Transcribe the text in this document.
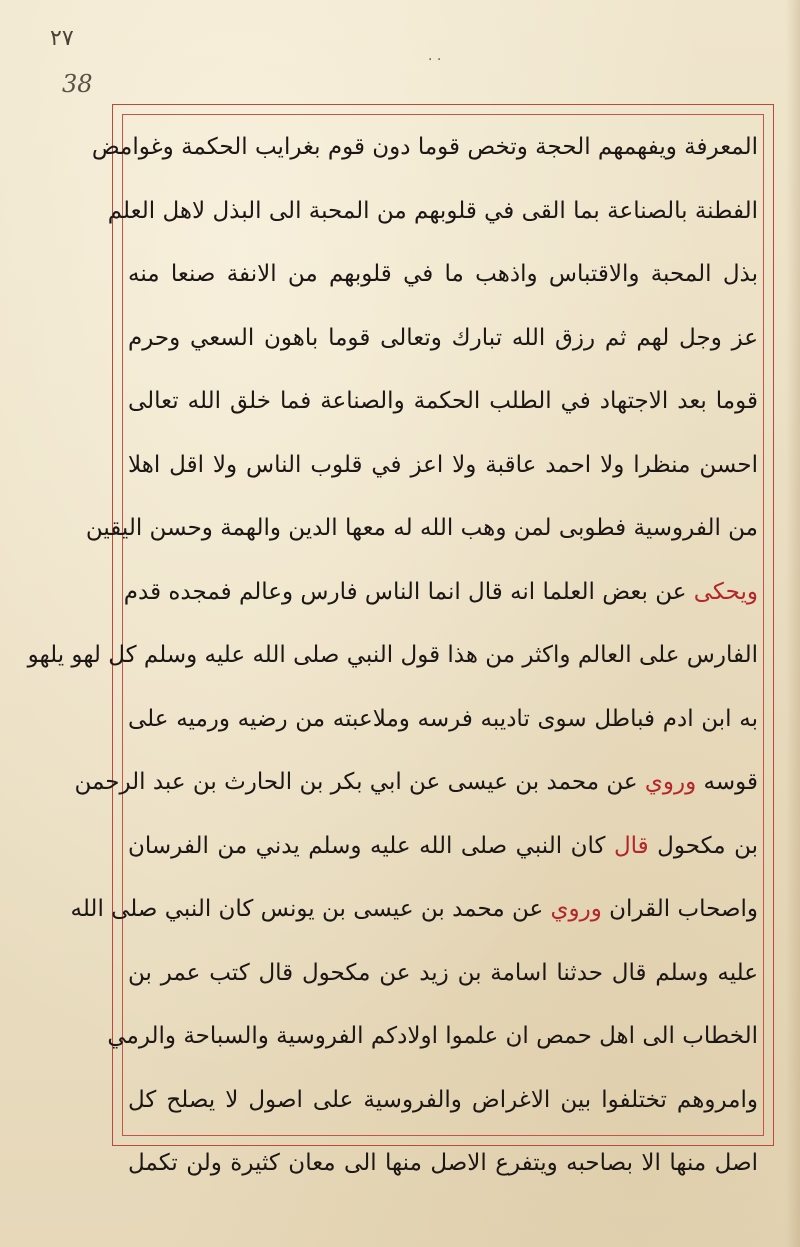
٢٧
38
. .
المعرفة ويفهمهم الحجة وتخص قوما دون قوم بغرايب الحكمة وغوامض
الفطنة بالصناعة بما القى في قلوبهم من المحبة الى البذل لاهل العلم
بذل المحبة والاقتباس واذهب ما في قلوبهم من الانفة صنعا منه
عز وجل لهم ثم رزق الله تبارك وتعالى قوما باهون السعي وحرم
قوما بعد الاجتهاد في الطلب الحكمة والصناعة فما خلق الله تعالى
احسن منظرا ولا احمد عاقبة ولا اعز في قلوب الناس ولا اقل اهلا
من الفروسية فطوبى لمن وهب الله له معها الدين والهمة وحسن اليقين
ويحكى عن بعض العلما انه قال انما الناس فارس وعالم فمجده قدم
الفارس على العالم واكثر من هذا قول النبي صلى الله عليه وسلم كل لهو يلهو
به ابن ادم فباطل سوى تاديبه فرسه وملاعبته من رضيه ورميه على
قوسه وروي عن محمد بن عيسى عن ابي بكر بن الحارث بن عبد الرحمن
بن مكحول قال كان النبي صلى الله عليه وسلم يدني من الفرسان
واصحاب القران وروي عن محمد بن عيسى بن يونس كان النبي صلى الله
عليه وسلم قال حدثنا اسامة بن زيد عن مكحول قال كتب عمر بن
الخطاب الى اهل حمص ان علموا اولادكم الفروسية والسباحة والرمي
وامروهم تختلفوا بين الاغراض والفروسية على اصول لا يصلح كل
اصل منها الا بصاحبه ويتفرع الاصل منها الى معان كثيرة ولن تكمل
